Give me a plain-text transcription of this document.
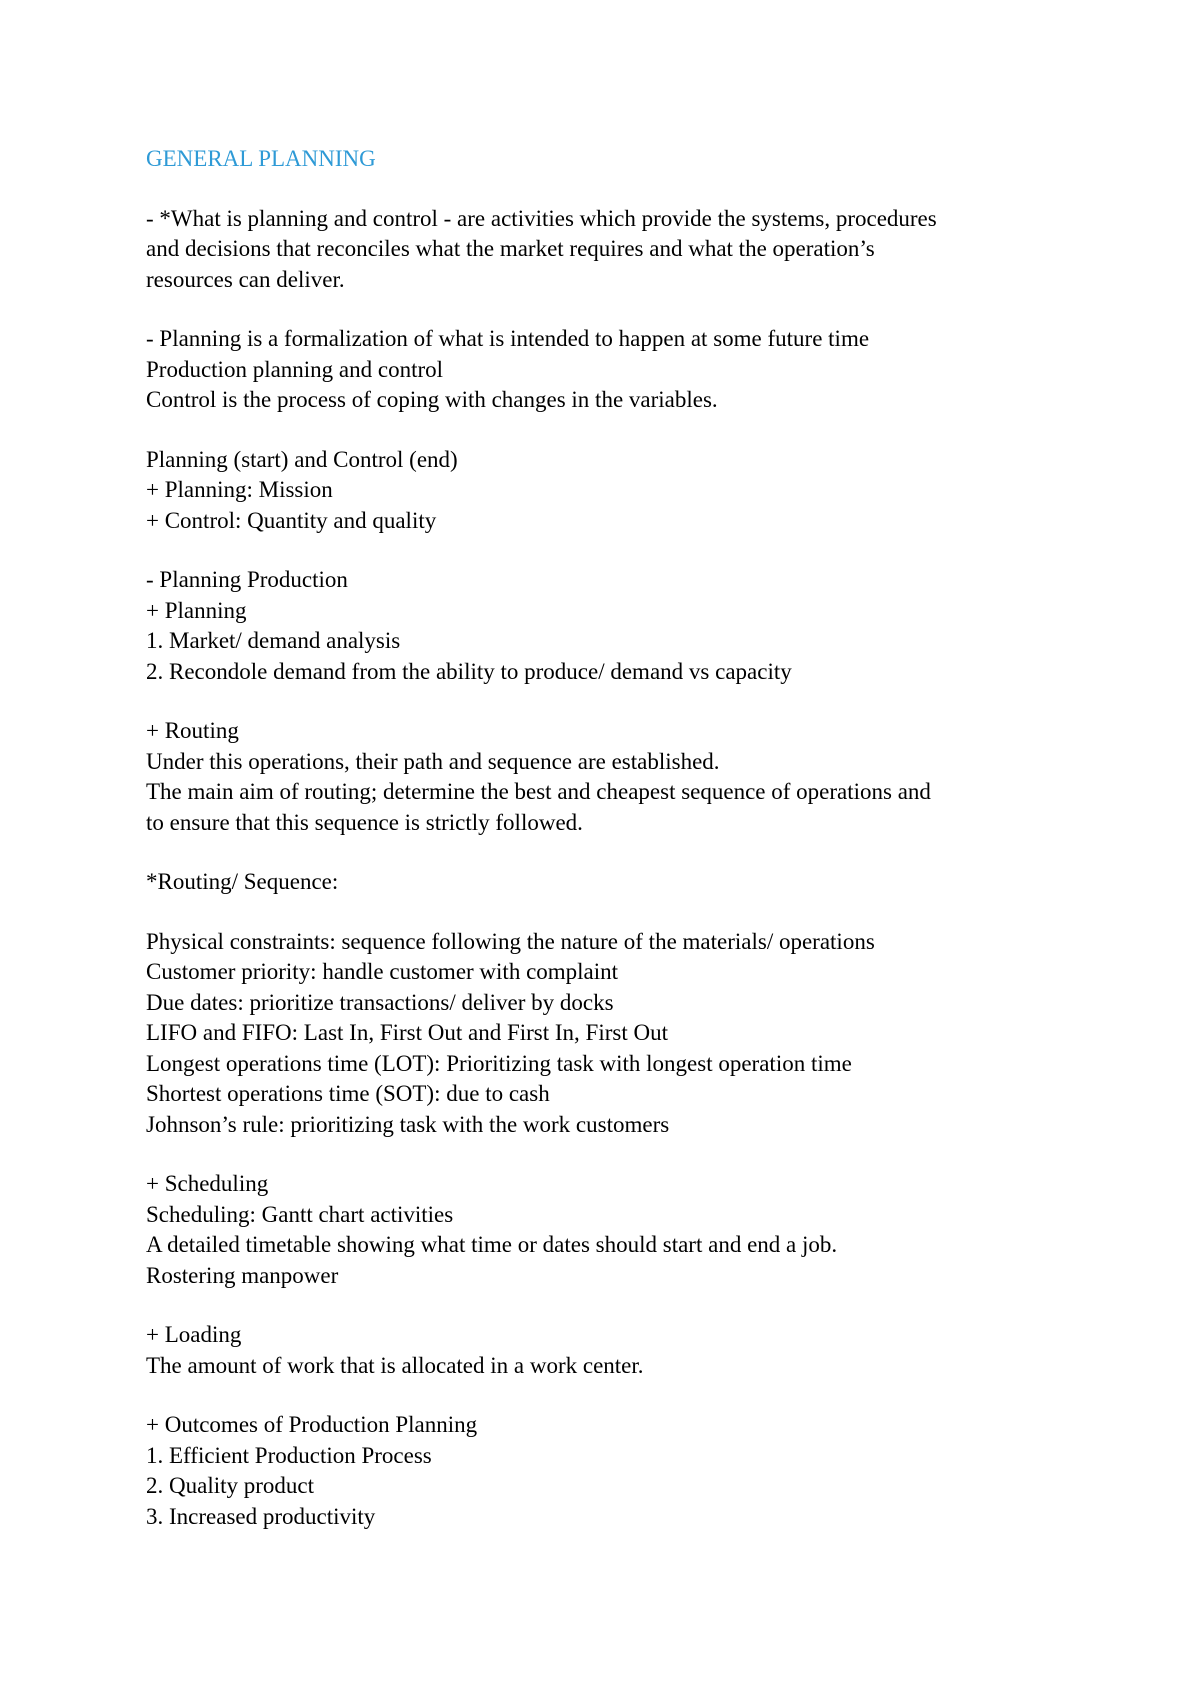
GENERAL PLANNING
- *What is planning and control - are activities which provide the systems, procedures
and decisions that reconciles what the market requires and what the operation’s
resources can deliver.
- Planning is a formalization of what is intended to happen at some future time
Production planning and control
Control is the process of coping with changes in the variables.
Planning (start) and Control (end)
+ Planning: Mission
+ Control: Quantity and quality
- Planning Production
+ Planning
1. Market/ demand analysis
2. Recondole demand from the ability to produce/ demand vs capacity
+ Routing
Under this operations, their path and sequence are established.
The main aim of routing; determine the best and cheapest sequence of operations and
to ensure that this sequence is strictly followed.
*Routing/ Sequence:
Physical constraints: sequence following the nature of the materials/ operations
Customer priority: handle customer with complaint
Due dates: prioritize transactions/ deliver by docks
LIFO and FIFO: Last In, First Out and First In, First Out
Longest operations time (LOT): Prioritizing task with longest operation time
Shortest operations time (SOT): due to cash
Johnson’s rule: prioritizing task with the work customers
+ Scheduling
Scheduling: Gantt chart activities
A detailed timetable showing what time or dates should start and end a job.
Rostering manpower
+ Loading
The amount of work that is allocated in a work center.
+ Outcomes of Production Planning
1. Efficient Production Process
2. Quality product
3. Increased productivity
